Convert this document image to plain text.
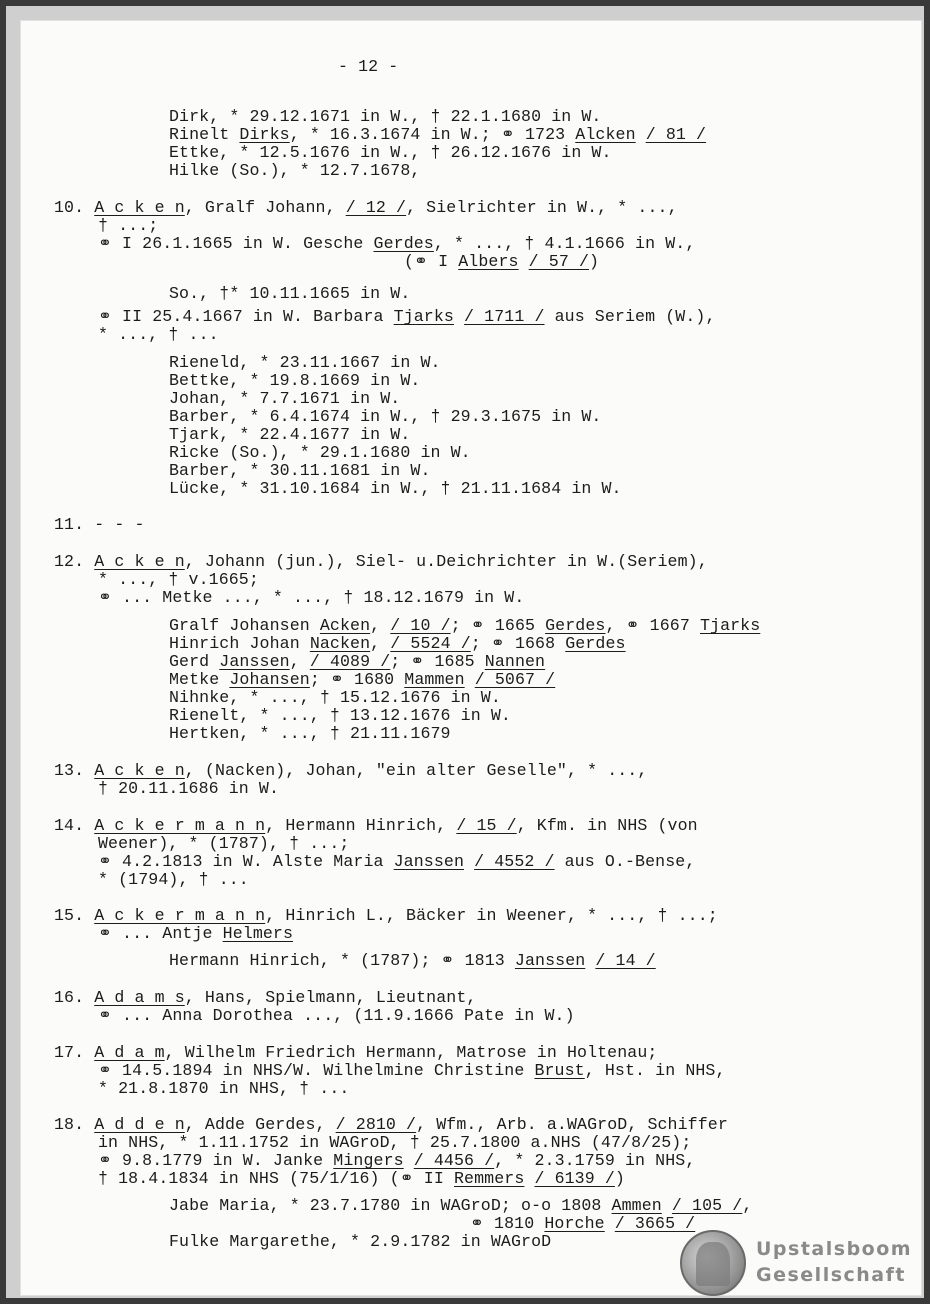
- 12 -
Dirk, * 29.12.1671 in W., † 22.1.1680 in W.
Rinelt Dirks, * 16.3.1674 in W.; ⚭ 1723 Alcken / 81 /
Ettke, * 12.5.1676 in W., † 26.12.1676 in W.
Hilke (So.), * 12.7.1678,
10. A c k e n, Gralf Johann, / 12 /, Sielrichter in W., * ...,
† ...;
⚭ I 26.1.1665 in W. Gesche Gerdes, * ..., † 4.1.1666 in W.,
(⚭ I Albers / 57 /)
So., †* 10.11.1665 in W.
⚭ II 25.4.1667 in W. Barbara Tjarks / 1711 / aus Seriem (W.),
* ..., † ...
Rieneld, * 23.11.1667 in W.
Bettke, * 19.8.1669 in W.
Johan, * 7.7.1671 in W.
Barber, * 6.4.1674 in W., † 29.3.1675 in W.
Tjark, * 22.4.1677 in W.
Ricke (So.), * 29.1.1680 in W.
Barber, * 30.11.1681 in W.
Lücke, * 31.10.1684 in W., † 21.11.1684 in W.
11. - - -
12. A c k e n, Johann (jun.), Siel- u.Deichrichter in W.(Seriem),
* ..., † v.1665;
⚭ ... Metke ..., * ..., † 18.12.1679 in W.
Gralf Johansen Acken, / 10 /; ⚭ 1665 Gerdes, ⚭ 1667 Tjarks
Hinrich Johan Nacken, / 5524 /; ⚭ 1668 Gerdes
Gerd Janssen, / 4089 /; ⚭ 1685 Nannen
Metke Johansen; ⚭ 1680 Mammen / 5067 /
Nihnke, * ..., † 15.12.1676 in W.
Rienelt, * ..., † 13.12.1676 in W.
Hertken, * ..., † 21.11.1679
13. A c k e n, (Nacken), Johan, "ein alter Geselle", * ...,
† 20.11.1686 in W.
14. A c k e r m a n n, Hermann Hinrich, / 15 /, Kfm. in NHS (von
Weener), * (1787), † ...;
⚭ 4.2.1813 in W. Alste Maria Janssen / 4552 / aus O.-Bense,
* (1794), † ...
15. A c k e r m a n n, Hinrich L., Bäcker in Weener, * ..., † ...;
⚭ ... Antje Helmers
Hermann Hinrich, * (1787); ⚭ 1813 Janssen / 14 /
16. A d a m s, Hans, Spielmann, Lieutnant,
⚭ ... Anna Dorothea ..., (11.9.1666 Pate in W.)
17. A d a m, Wilhelm Friedrich Hermann, Matrose in Holtenau;
⚭ 14.5.1894 in NHS/W. Wilhelmine Christine Brust, Hst. in NHS,
* 21.8.1870 in NHS, † ...
18. A d d e n, Adde Gerdes, / 2810 /, Wfm., Arb. a.WAGroD, Schiffer
in NHS, * 1.11.1752 in WAGroD, † 25.7.1800 a.NHS (47/8/25);
⚭ 9.8.1779 in W. Janke Mingers / 4456 /, * 2.3.1759 in NHS,
† 18.4.1834 in NHS (75/1/16) (⚭ II Remmers / 6139 /)
Jabe Maria, * 23.7.1780 in WAGroD; o-o 1808 Ammen / 105 /,
⚭ 1810 Horche / 3665 /
Fulke Margarethe, * 2.9.1782 in WAGroD	Upstalsboom
Gesellschaft
